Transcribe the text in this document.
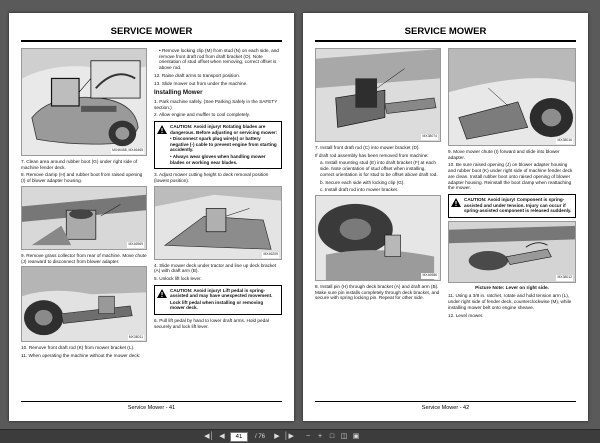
SERVICE MOWER
MX46458, MX46465

7. Clean area around rubber boot (G) under right side of machine fender deck.

8. Remove clamp (H) and rubber boot from raised opening (I) of blower adapter housing.

MX46969

9. Remove grass collector from rear of machine. Move chute (J) rearward to disconnect from blower adapter.

MX38011

10. Remove front draft rod (K) from mower bracket (L).

11. When operating the machine without the mower deck:

• Remove locking clip (M) from stud (N) on each side, and remove front draft rod from draft bracket (O). Note orientation of stud offset when removing, correct offset is above rod.

12. Raise draft arms to transport position.

13. Slide mower out from under the machine.

Installing Mower

1. Park machine safely. (See Parking Safely in the SAFETY section.)

2. Allow engine and muffler to cool completely.

CAUTION: Avoid injury! Rotating blades are dangerous. Before adjusting or servicing mower:

• Disconnect spark plug wire(s) or battery negative (-) cable to prevent engine from starting accidently.

• Always wear gloves when handling mower blades or working near blades.

3. Adjust mower cutting height to deck removal position (lowest position).

MX46209

4. Slide mower deck under tractor and line up deck bracket (A) with draft arm (B).

5. Unlock lift lock lever.

CAUTION: Avoid injury! Lift pedal is spring-assisted and may have unexpected movement.

Lock lift pedal when installing or removing mower deck.

6. Pull lift pedal by hand to lower draft arms. Hold pedal securely and lock lift lever.

Service Mower - 41
SERVICE MOWER
MX38074

7. Install front draft rod (C) into mower bracket (D).

If draft rod assembly has been removed from machine:

a. Install mounting stud (E) into draft bracket (F) at each side. Note orientation of stud offset when installing, correct orientation is for stud to be offset above draft rod.

b. Secure each side with locking clip (G).

c. Install draft rod into mower bracket.

MX46986

8. Install pin (H) through deck bracket (A) and draft arm (B). Make sure pin installs completely through deck bracket, and secure with spring locking pin. Repeat for other side.

MX38016

9. Move mower chute (I) forward and slide into blower adapter.

10. Be sure raised opening (J) on blower adapter housing and rubber boot (K) under right side of machine fender deck are clean. Install rubber boot onto raised opening of blower adapter housing. Reinstall the boot clamp when reattaching the mower.

CAUTION: Avoid injury! Component is spring-assisted and under tension. Injury can occur if spring-assisted component is released suddenly.

MX38012
Picture Note: Lever on right side.

11. Using a 3/8 in. ratchet, rotate and hold tension arm (L), under right side of fender deck, counterclockwise (M), while installing mower belt onto engine sheave.

12. Level mower.

Service Mower - 42
◀│ ◀
41	/ 76	▶ │▶	−	+	□ ◫ ▣
